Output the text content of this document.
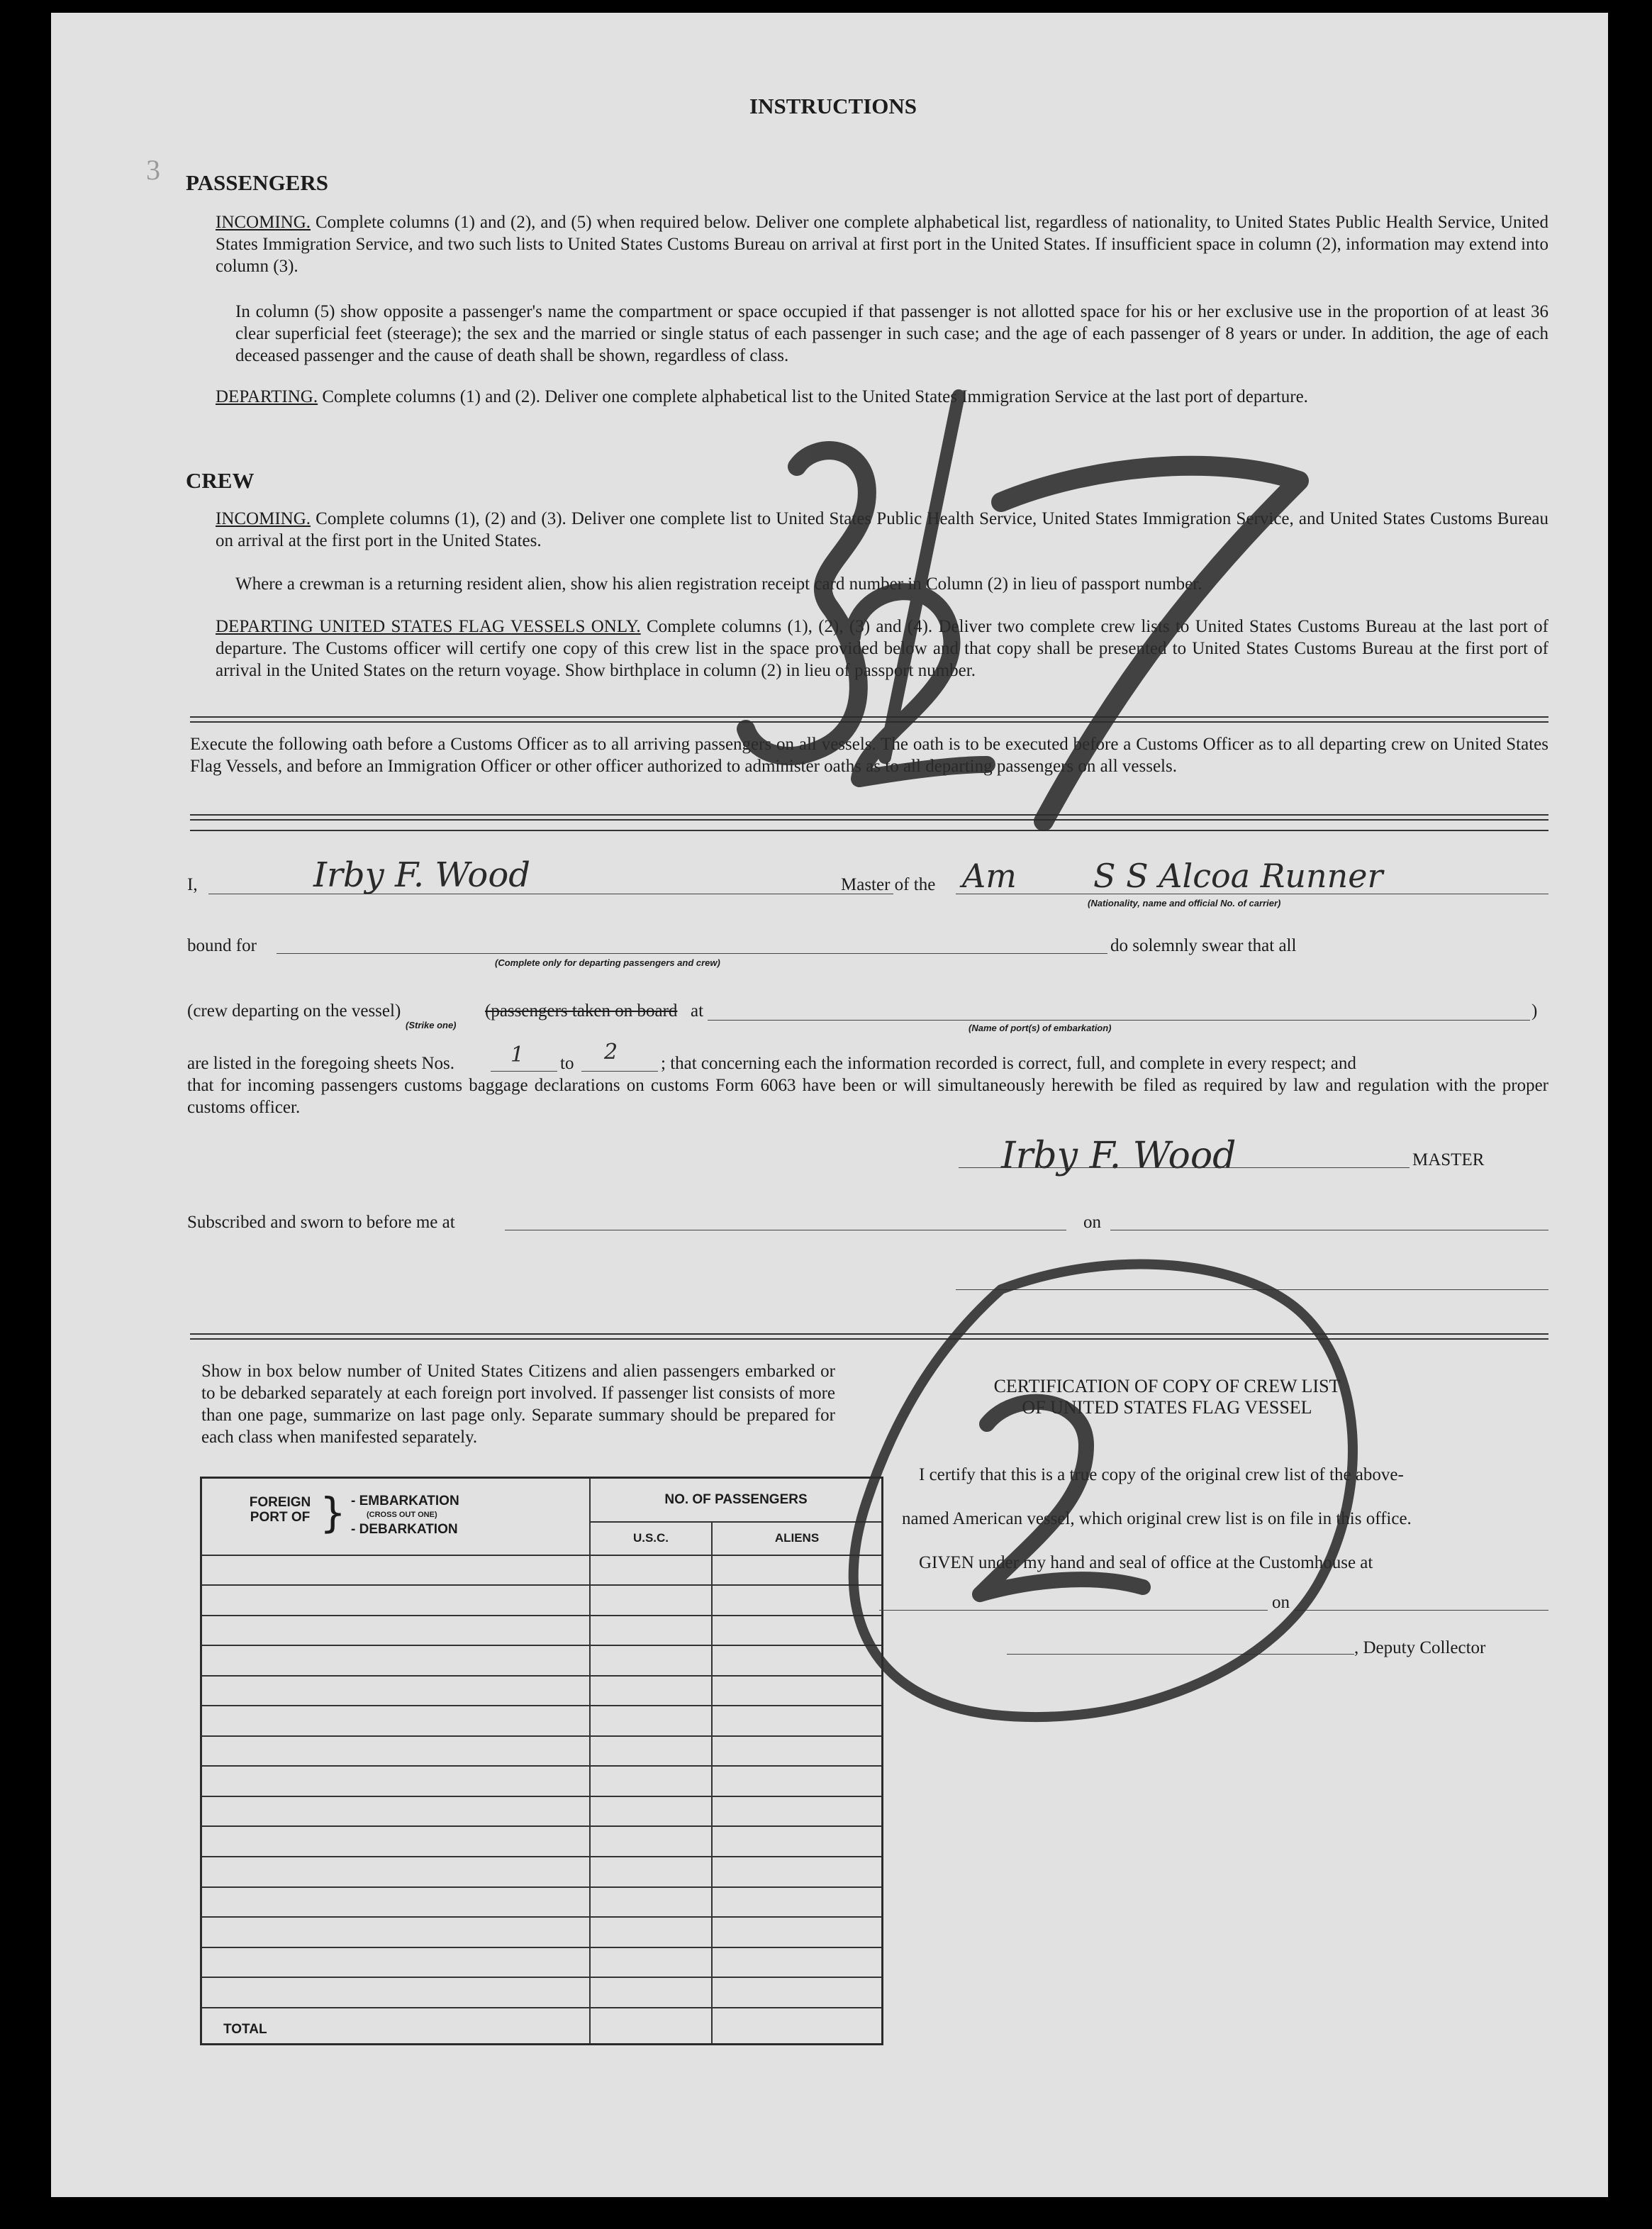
INSTRUCTIONS
3 PASSENGERS
INCOMING. Complete columns (1) and (2), and (5) when required below. Deliver one complete alphabetical list, regardless of nationality, to United States Public Health Service, United States Immigration Service, and two such lists to United States Customs Bureau on arrival at first port in the United States. If insufficient space in column (2), information may extend into column (3).
In column (5) show opposite a passenger's name the compartment or space occupied if that passenger is not allotted space for his or her exclusive use in the proportion of at least 36 clear superficial feet (steerage); the sex and the married or single status of each passenger in such case; and the age of each passenger of 8 years or under. In addition, the age of each deceased passenger and the cause of death shall be shown, regardless of class.
DEPARTING. Complete columns (1) and (2). Deliver one complete alphabetical list to the United States Immigration Service at the last port of departure.
CREW
INCOMING. Complete columns (1), (2) and (3). Deliver one complete list to United States Public Health Service, United States Immigration Service, and United States Customs Bureau on arrival at the first port in the United States.
Where a crewman is a returning resident alien, show his alien registration receipt card number in Column (2) in lieu of passport number.
DEPARTING UNITED STATES FLAG VESSELS ONLY. Complete columns (1), (2), (3) and (4). Deliver two complete crew lists to United States Customs Bureau at the last port of departure. The Customs officer will certify one copy of this crew list in the space provided below and that copy shall be presented to United States Customs Bureau at the first port of arrival in the United States on the return voyage. Show birthplace in column (2) in lieu of passport number.
Execute the following oath before a Customs Officer as to all arriving passengers on all vessels. The oath is to be executed before a Customs Officer as to all departing crew on United States Flag Vessels, and before an Immigration Officer or other officer authorized to administer oaths as to all departing passengers on all vessels.
I,	Irby F. Wood	Master of the Am S S Alcoa Runner
(Nationality, name and official No. of carrier)
bound for
(Complete only for departing passengers and crew)
do solemnly swear that all
(crew departing on the vessel)	(passengers taken on board at	)
(Strike one)	(Name of port(s) of embarkation)
are listed in the foregoing sheets Nos.	1 to 2 ; that concerning each the information recorded is correct, full, and complete in every respect; and
that for incoming passengers customs baggage declarations on customs Form 6063 have been or will simultaneously herewith be filed as required by law and regulation with the proper customs officer.
Irby F. Wood	MASTER
Subscribed and sworn to before me at	on
Show in box below number of United States Citizens and alien passengers embarked or to be debarked separately at each foreign port involved. If passenger list consists of more than one page, summarize on last page only. Separate summary should be prepared for each class when manifested separately.
FOREIGN PORT OF } - EMBARKATION
(CROSS OUT ONE)
- DEBARKATION	NO. OF PASSENGERS	
	U.S.C.	ALIENS

TOTAL		
CERTIFICATION OF COPY OF CREW LIST
OF UNITED STATES FLAG VESSEL
I certify that this is a true copy of the original crew list of the above-
named American vessel, which original crew list is on file in this office.
GIVEN under my hand and seal of office at the Customhouse at
on
, Deputy Collector
